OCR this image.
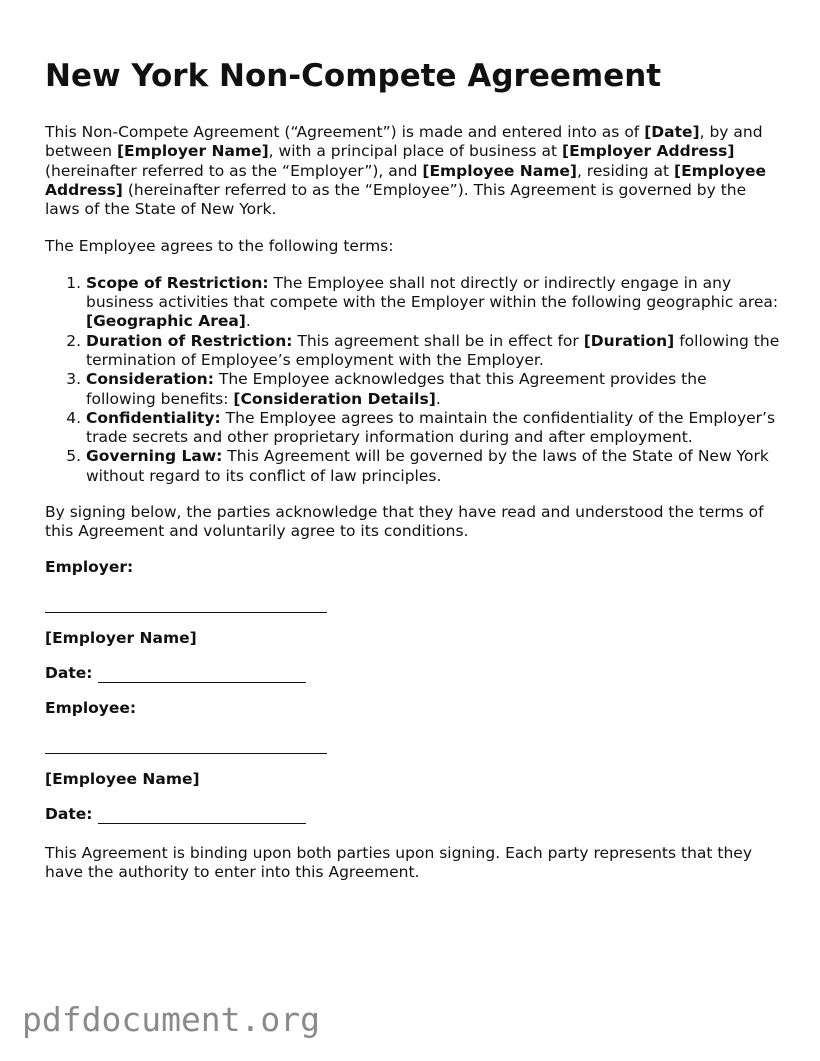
New York Non-Compete Agreement

This Non-Compete Agreement (“Agreement”) is made and entered into as of [Date], by and between [Employer Name], with a principal place of business at [Employer Address] (hereinafter referred to as the “Employer”), and [Employee Name], residing at [Employee Address] (hereinafter referred to as the “Employee”). This Agreement is governed by the laws of the State of New York.

The Employee agrees to the following terms:

1. Scope of Restriction: The Employee shall not directly or indirectly engage in any business activities that compete with the Employer within the following geographic area: [Geographic Area].
2. Duration of Restriction: This agreement shall be in effect for [Duration] following the termination of Employee’s employment with the Employer.
3. Consideration: The Employee acknowledges that this Agreement provides the following benefits: [Consideration Details].
4. Confidentiality: The Employee agrees to maintain the confidentiality of the Employer’s trade secrets and other proprietary information during and after employment.
5. Governing Law: This Agreement will be governed by the laws of the State of New York without regard to its conflict of law principles.

By signing below, the parties acknowledge that they have read and understood the terms of this Agreement and voluntarily agree to its conditions.

Employer:

[Employer Name]

Date:

Employee:

[Employee Name]

Date:

This Agreement is binding upon both parties upon signing. Each party represents that they have the authority to enter into this Agreement.

pdfdocument.org
